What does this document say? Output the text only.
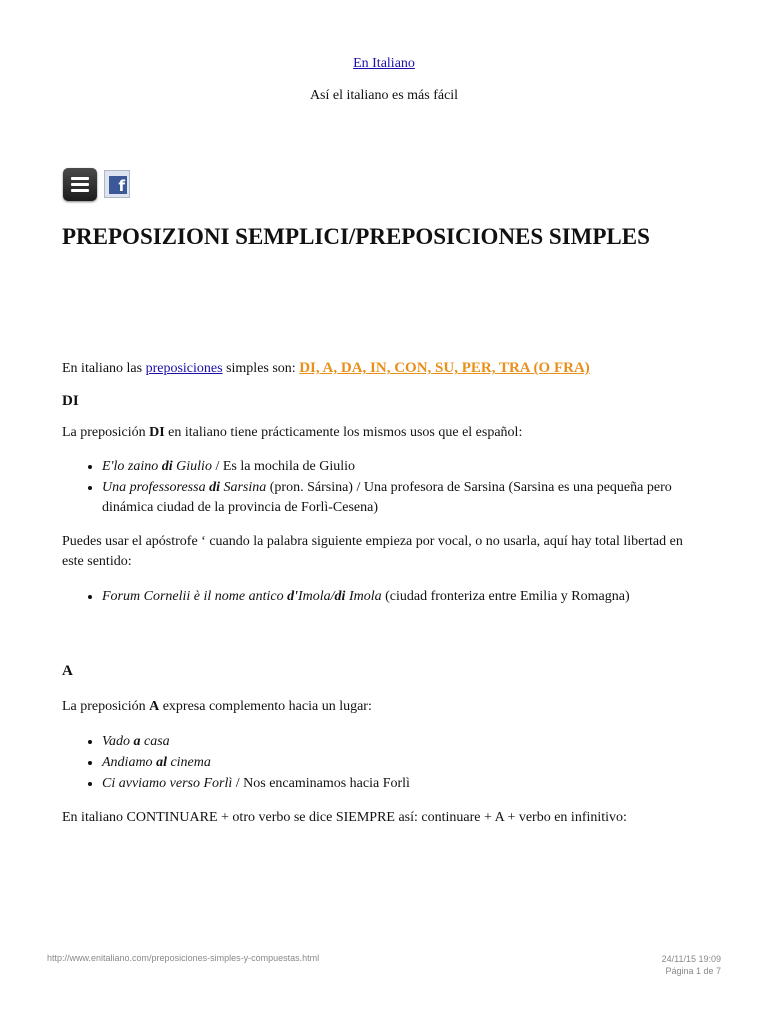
En Italiano
Así el italiano es más fácil
f
PREPOSIZIONI SEMPLICI/PREPOSICIONES SIMPLES

En italiano las preposiciones simples son: DI, A, DA, IN, CON, SU, PER, TRA (O FRA)

DI

La preposición DI en italiano tiene prácticamente los mismos usos que el español:

• E'lo zaino di Giulio / Es la mochila de Giulio
• Una professoressa di Sarsina (pron. Sársina) / Una profesora de Sarsina (Sarsina es una pequeña pero dinámica ciudad de la provincia de Forlì-Cesena)

Puedes usar el apóstrofe ‘ cuando la palabra siguiente empieza por vocal, o no usarla, aquí hay total libertad en este sentido:

• Forum Cornelii è il nome antico d'Imola/di Imola (ciudad fronteriza entre Emilia y Romagna)

A

La preposición A expresa complemento hacia un lugar:

• Vado a casa
• Andiamo al cinema
• Ci avviamo verso Forlì / Nos encaminamos hacia Forlì

En italiano CONTINUARE + otro verbo se dice SIEMPRE así: continuare + A + verbo en infinitivo:

http://www.enitaliano.com/preposiciones-simples-y-compuestas.html	24/11/15 19:09
Página 1 de 7
